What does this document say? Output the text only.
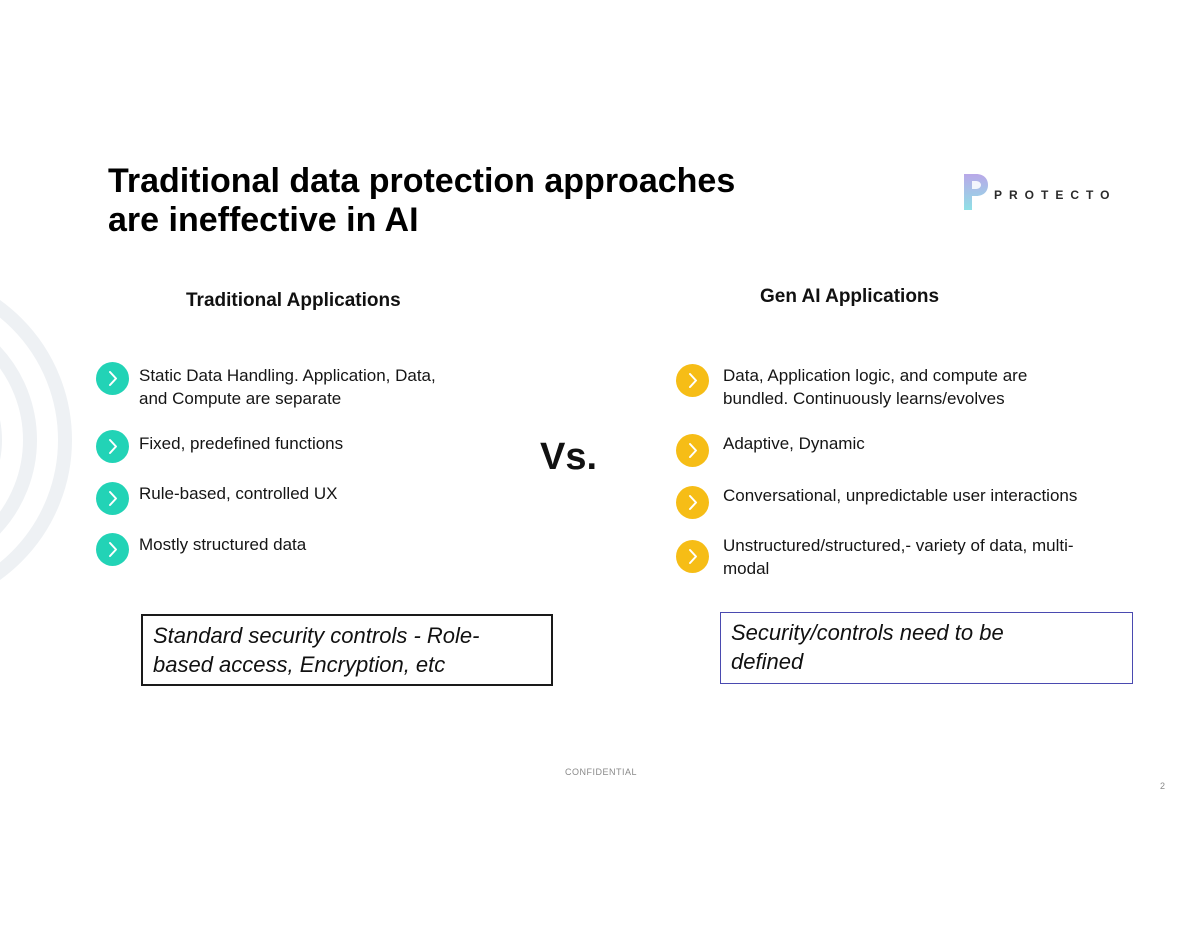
Traditional data protection approaches
are ineffective in AI
PROTECTO
Traditional Applications
Static Data Handling. Application, Data,
and Compute are separate
Fixed, predefined functions
Rule-based, controlled UX
Mostly structured data
Standard security controls - Role-
based access, Encryption, etc
Vs.
Gen AI Applications
Data, Application logic, and compute are
bundled. Continuously learns/evolves
Adaptive, Dynamic
Conversational, unpredictable user interactions
Unstructured/structured,- variety of data, multi-
modal
Security/controls need to be
defined
CONFIDENTIAL
2
